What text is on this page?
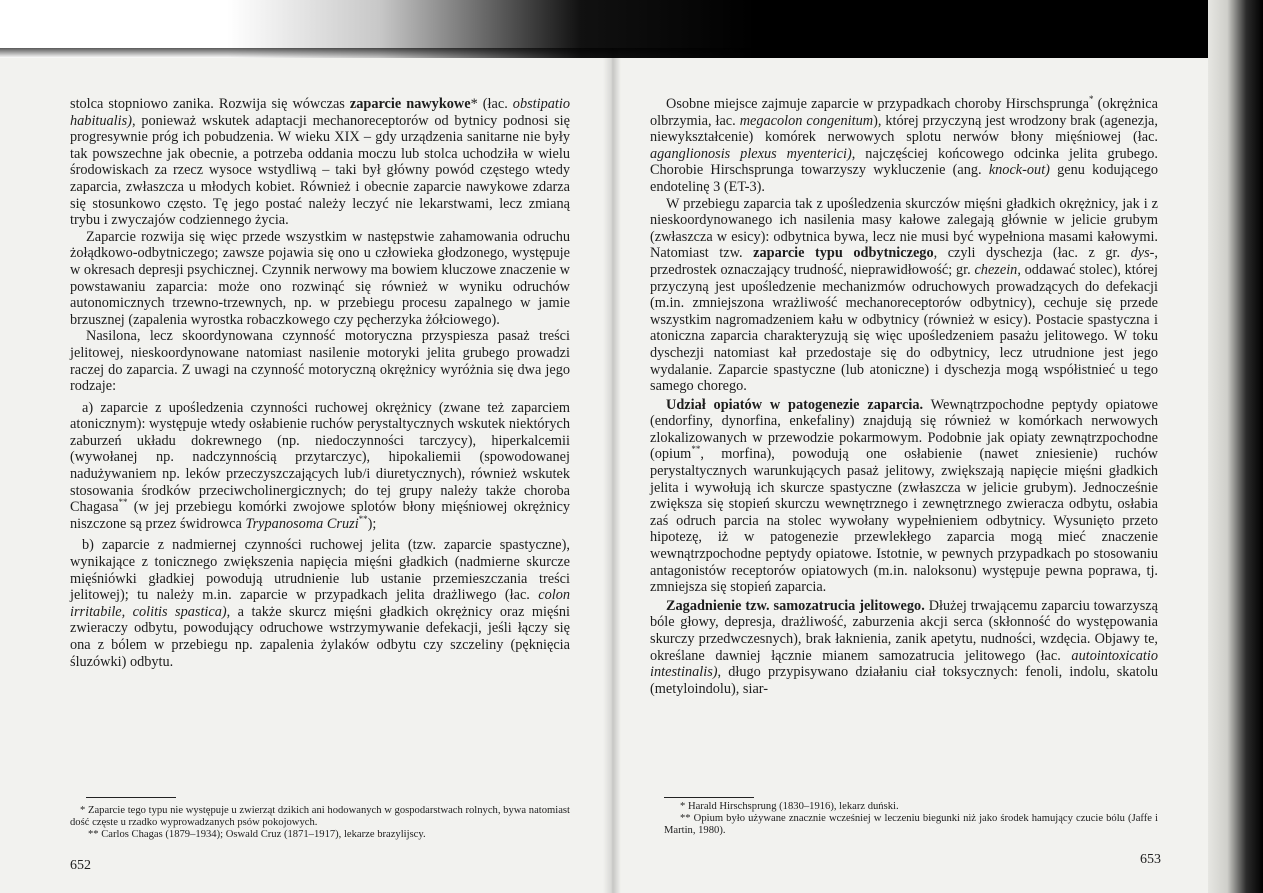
stolca stopniowo zanika. Rozwija się wówczas zaparcie nawykowe* (łac. obstipatio habitualis), ponieważ wskutek adaptacji mechanoreceptorów od bytnicy podnosi się progresywnie próg ich pobudzenia. W wieku XIX – gdy urządzenia sanitarne nie były tak powszechne jak obecnie, a potrzeba oddania moczu lub stolca uchodziła w wielu środowiskach za rzecz wysoce wstydliwą – taki był główny powód częstego wtedy zaparcia, zwłaszcza u młodych kobiet. Również i obecnie zaparcie nawykowe zdarza się stosunkowo często. Tę jego postać należy leczyć nie lekarstwami, lecz zmianą trybu i zwyczajów codziennego życia.

Zaparcie rozwija się więc przede wszystkim w następstwie zahamowania odruchu żołądkowo-odbytniczego; zawsze pojawia się ono u człowieka głodzonego, występuje w okresach depresji psychicznej. Czynnik nerwowy ma bowiem kluczowe znaczenie w powstawaniu zaparcia: może ono rozwinąć się również w wyniku odruchów autonomicznych trzewno-trzewnych, np. w przebiegu procesu zapalnego w jamie brzusznej (zapalenia wyrostka robaczkowego czy pęcherzyka żółciowego).

Nasilona, lecz skoordynowana czynność motoryczna przyspiesza pasaż treści jelitowej, nieskoordynowane natomiast nasilenie motoryki jelita grubego prowadzi raczej do zaparcia. Z uwagi na czynność motoryczną okrężnicy wyróżnia się dwa jego rodzaje:

a) zaparcie z upośledzenia czynności ruchowej okrężnicy (zwane też zaparciem atonicznym): występuje wtedy osłabienie ruchów perystaltycznych wskutek niektórych zaburzeń układu dokrewnego (np. niedoczynności tarczycy), hiperkalcemii (wywołanej np. nadczynnością przytarczyc), hipokaliemii (spowodowanej nadużywaniem np. leków przeczyszczających lub/i diuretycznych), również wskutek stosowania środków przeciwcholinergicznych; do tej grupy należy także choroba Chagasa** (w jej przebiegu komórki zwojowe splotów błony mięśniowej okrężnicy niszczone są przez świdrowca Trypanosoma Cruzi**);

b) zaparcie z nadmiernej czynności ruchowej jelita (tzw. zaparcie spastyczne), wynikające z tonicznego zwiększenia napięcia mięśni gładkich (nadmierne skurcze mięśniówki gładkiej powodują utrudnienie lub ustanie przemieszczania treści jelitowej); tu należy m.in. zaparcie w przypadkach jelita drażliwego (łac. colon irritabile, colitis spastica), a także skurcz mięśni gładkich okrężnicy oraz mięśni zwieraczy odbytu, powodujący odruchowe wstrzymywanie defekacji, jeśli łączy się ona z bólem w przebiegu np. zapalenia żylaków odbytu czy szczeliny (pęknięcia śluzówki) odbytu.

* Zaparcie tego typu nie występuje u zwierząt dzikich ani hodowanych w gospodarstwach rolnych, bywa natomiast dość częste u rzadko wyprowadzanych psów pokojowych.

** Carlos Chagas (1879–1934); Oswald Cruz (1871–1917), lekarze brazylijscy.

652

Osobne miejsce zajmuje zaparcie w przypadkach choroby Hirschsprunga* (okrężnica olbrzymia, łac. megacolon congenitum), której przyczyną jest wrodzony brak (agenezja, niewykształcenie) komórek nerwowych splotu nerwów błony mięśniowej (łac. aganglionosis plexus myenterici), najczęściej końcowego odcinka jelita grubego. Chorobie Hirschsprunga towarzyszy wykluczenie (ang. knock-out) genu kodującego endotelinę 3 (ET-3).

W przebiegu zaparcia tak z upośledzenia skurczów mięśni gładkich okrężnicy, jak i z nieskoordynowanego ich nasilenia masy kałowe zalegają głównie w jelicie grubym (zwłaszcza w esicy): odbytnica bywa, lecz nie musi być wypełniona masami kałowymi. Natomiast tzw. zaparcie typu odbytniczego, czyli dyschezja (łac. z gr. dys-, przedrostek oznaczający trudność, nieprawidłowość; gr. chezein, oddawać stolec), której przyczyną jest upośledzenie mechanizmów odruchowych prowadzących do defekacji (m.in. zmniejszona wrażliwość mechanoreceptorów odbytnicy), cechuje się przede wszystkim nagromadzeniem kału w odbytnicy (również w esicy). Postacie spastyczna i atoniczna zaparcia charakteryzują się więc upośledzeniem pasażu jelitowego. W toku dyschezji natomiast kał przedostaje się do odbytnicy, lecz utrudnione jest jego wydalanie. Zaparcie spastyczne (lub atoniczne) i dyschezja mogą współistnieć u tego samego chorego.

Udział opiatów w patogenezie zaparcia. Wewnątrzpochodne peptydy opiatowe (endorfiny, dynorfina, enkefaliny) znajdują się również w komórkach nerwowych zlokalizowanych w przewodzie pokarmowym. Podobnie jak opiaty zewnątrzpochodne (opium**, morfina), powodują one osłabienie (nawet zniesienie) ruchów perystaltycznych warunkujących pasaż jelitowy, zwiększają napięcie mięśni gładkich jelita i wywołują ich skurcze spastyczne (zwłaszcza w jelicie grubym). Jednocześnie zwiększa się stopień skurczu wewnętrznego i zewnętrznego zwieracza odbytu, osłabia zaś odruch parcia na stolec wywołany wypełnieniem odbytnicy. Wysunięto przeto hipotezę, iż w patogenezie przewlekłego zaparcia mogą mieć znaczenie wewnątrzpochodne peptydy opiatowe. Istotnie, w pewnych przypadkach po stosowaniu antagonistów receptorów opiatowych (m.in. naloksonu) występuje pewna poprawa, tj. zmniejsza się stopień zaparcia.

Zagadnienie tzw. samozatrucia jelitowego. Dłużej trwającemu zaparciu towarzyszą bóle głowy, depresja, drażliwość, zaburzenia akcji serca (skłonność do występowania skurczy przedwczesnych), brak łaknienia, zanik apetytu, nudności, wzdęcia. Objawy te, określane dawniej łącznie mianem samozatrucia jelitowego (łac. autointoxicatio intestinalis), długo przypisywano działaniu ciał toksycznych: fenoli, indolu, skatolu (metyloindolu), siar-

* Harald Hirschsprung (1830–1916), lekarz duński.

** Opium było używane znacznie wcześniej w leczeniu biegunki niż jako środek hamujący czucie bólu (Jaffe i Martin, 1980).

653
